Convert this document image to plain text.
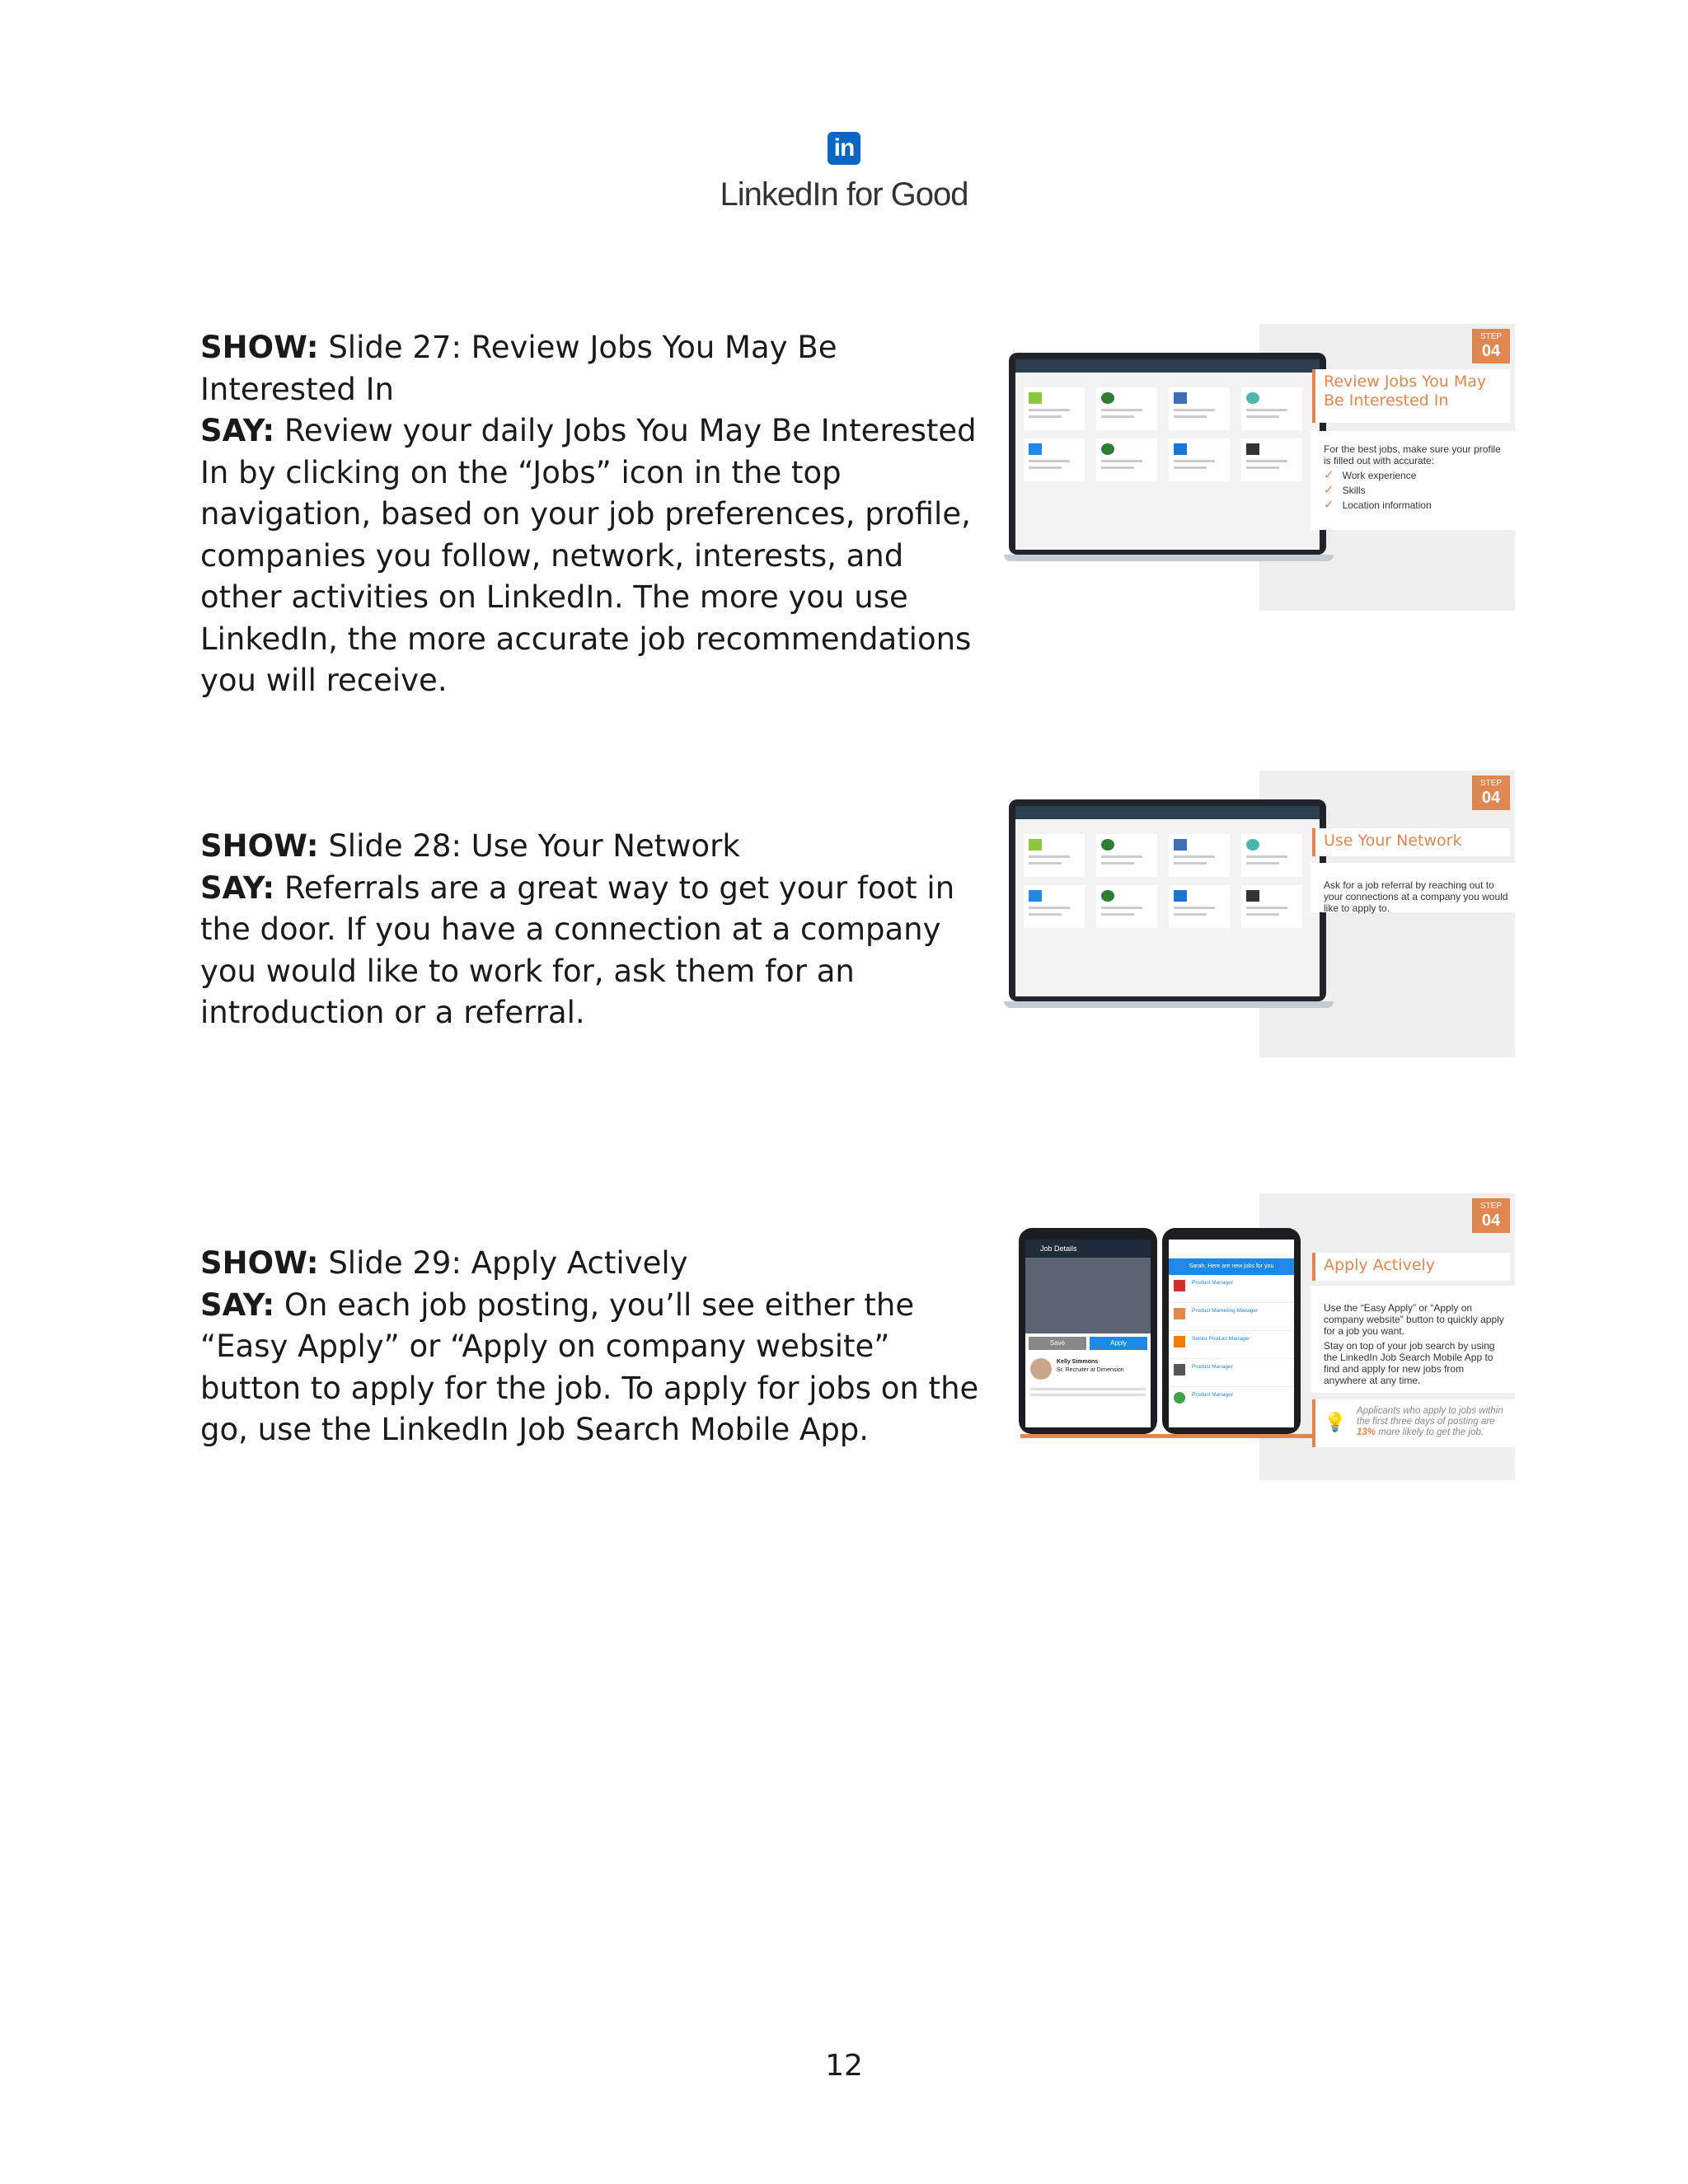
in
LinkedIn for Good

SHOW: Slide 27: Review Jobs You May Be Interested In

SAY: Review your daily Jobs You May Be Interested In by clicking on the “Jobs” icon in the top navigation, based on your job preferences, profile, companies you follow, network, interests, and other activities on LinkedIn. The more you use LinkedIn, the more accurate job recommendations you will receive.

STEP
04
Review Jobs You May Be Interested In
For the best jobs, make sure your profile is filled out with accurate:
✓ Work experience
✓ Skills
✓ Location information

SHOW: Slide 28: Use Your Network

SAY: Referrals are a great way to get your foot in the door. If you have a connection at a company you would like to work for, ask them for an introduction or a referral.

STEP
04
Use Your Network
Ask for a job referral by reaching out to your connections at a company you would like to apply to.

SHOW: Slide 29: Apply Actively

SAY: On each job posting, you’ll see either the “Easy Apply” or “Apply on company website” button to apply for the job. To apply for jobs on the go, use the LinkedIn Job Search Mobile App.

Job Details
Save	Apply
Kelly Simmons
Sr. Recruiter at Dimension
Sarah, Here are new jobs for you
Product Manager
Product Marketing Manager
Senior Product Manager
Product Manager
Product Manager
STEP
04
Apply Actively
Use the “Easy Apply” or “Apply on company website” button to quickly apply for a job you want.
Stay on top of your job search by using the LinkedIn Job Search Mobile App to find and apply for new jobs from anywhere at any time.
💡
Applicants who apply to jobs within the first three days of posting are 13% more likely to get the job.
12
